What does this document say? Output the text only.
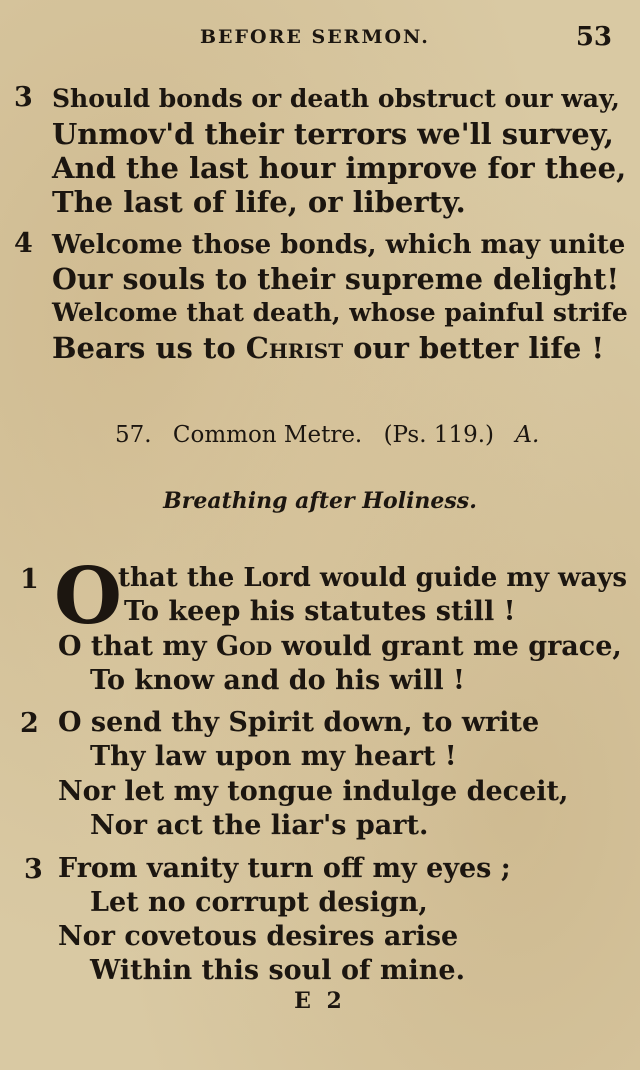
BEFORE SERMON.	53
3 Should bonds or death obstruct our way,
Unmov'd their terrors we'll survey,
And the last hour improve for thee,
The last of life, or liberty.
4 Welcome those bonds, which may unite
Our souls to their supreme delight!
Welcome that death, whose painful strife
Bears us to Christ our better life !
57. Common Metre. (Ps. 119.) A.
Breathing after Holiness.
1 O
that the Lord would guide my ways
To keep his statutes still !
O that my God would grant me grace,
To know and do his will !
2 O send thy Spirit down, to write
Thy law upon my heart !
Nor let my tongue indulge deceit,
Nor act the liar's part.
3 From vanity turn off my eyes ;
Let no corrupt design,
Nor covetous desires arise
Within this soul of mine.
E 2
